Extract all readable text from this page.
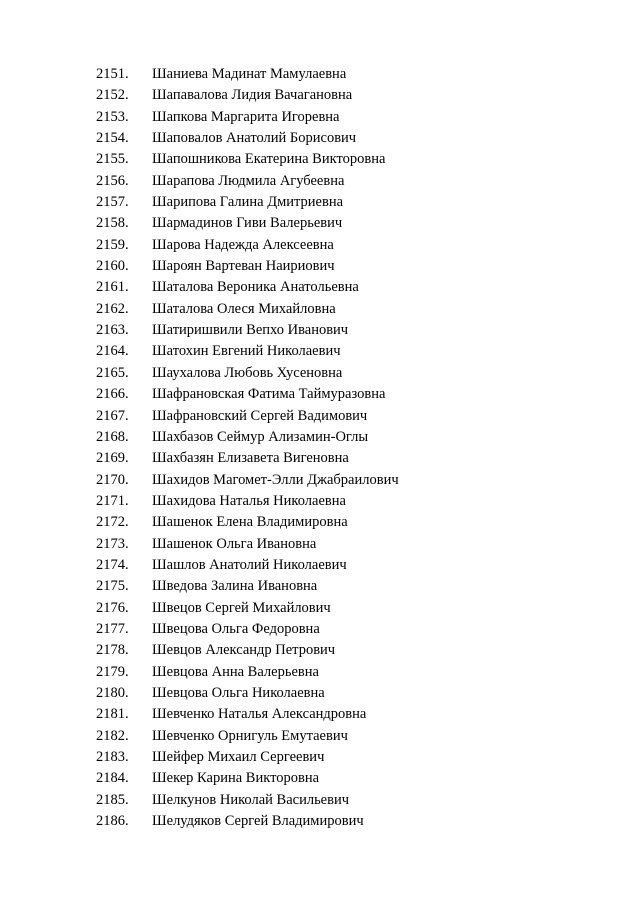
2151.	Шаниева Мадинат Мамулаевна
2152.	Шапавалова Лидия Вачагановна
2153.	Шапкова Маргарита Игоревна
2154.	Шаповалов Анатолий Борисович
2155.	Шапошникова Екатерина Викторовна
2156.	Шарапова Людмила Агубеевна
2157.	Шарипова Галина Дмитриевна
2158.	Шармадинов Гиви Валерьевич
2159.	Шарова Надежда Алексеевна
2160.	Шароян Вартеван Наириович
2161.	Шаталова Вероника Анатольевна
2162.	Шаталова Олеся Михайловна
2163.	Шатиришвили Вепхо Иванович
2164.	Шатохин Евгений Николаевич
2165.	Шаухалова Любовь Хусеновна
2166.	Шафрановская Фатима Таймуразовна
2167.	Шафрановский Сергей Вадимович
2168.	Шахбазов Сеймур Ализамин-Оглы
2169.	Шахбазян Елизавета Вигеновна
2170.	Шахидов Магомет-Элли Джабраилович
2171.	Шахидова Наталья Николаевна
2172.	Шашенок Елена Владимировна
2173.	Шашенок Ольга Ивановна
2174.	Шашлов Анатолий Николаевич
2175.	Шведова Залина Ивановна
2176.	Швецов Сергей Михайлович
2177.	Швецова Ольга Федоровна
2178.	Шевцов Александр Петрович
2179.	Шевцова Анна Валерьевна
2180.	Шевцова Ольга Николаевна
2181.	Шевченко Наталья Александровна
2182.	Шевченко Орнигуль Емутаевич
2183.	Шейфер Михаил Сергеевич
2184.	Шекер Карина Викторовна
2185.	Шелкунов Николай Васильевич
2186.	Шелудяков Сергей Владимирович
